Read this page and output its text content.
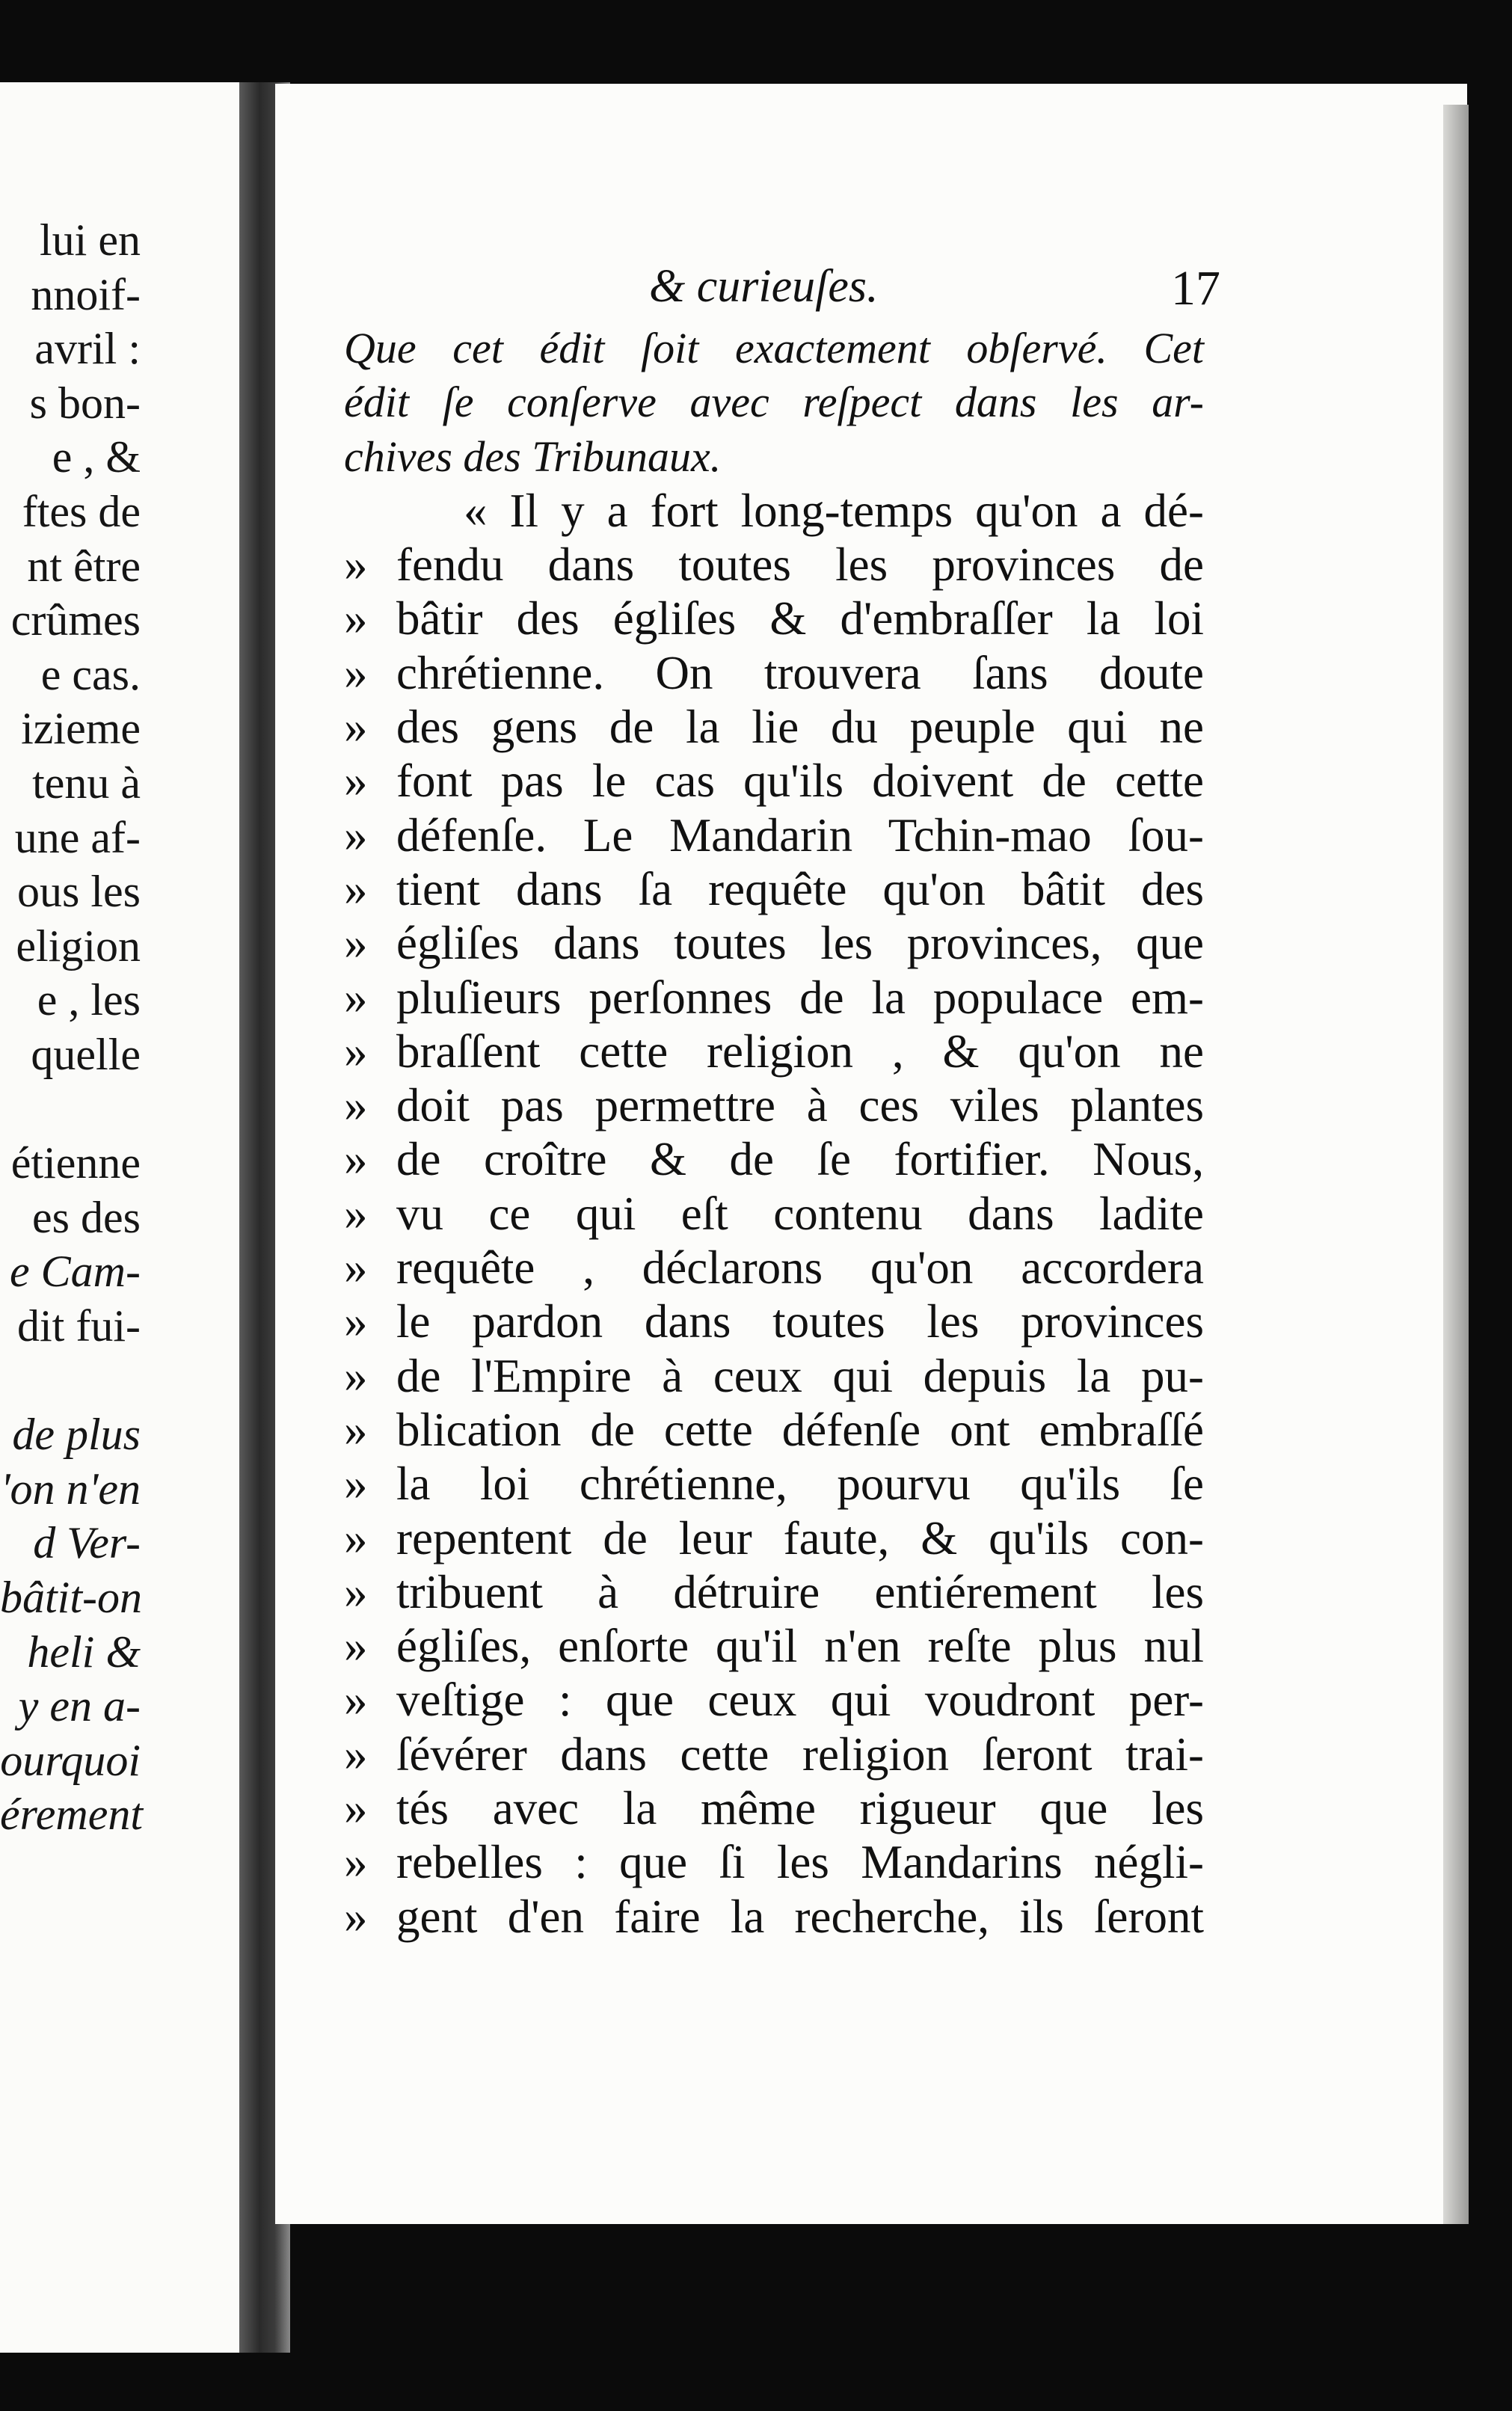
lui en
nnoif-
avril :
s bon-
e , &
ftes de
nt être
crûmes
e cas.
izieme
tenu à
une af-
ous les
eligion
e , les
quelle
étienne
es des
e Cam-
dit fui-
de plus
'on n'en
d Ver-
bâtit-on
heli &
y en a-
ourquoi
érement
& curieuſes.	17
Que cet édit ſoit exactement obſervé. Cet
édit ſe conſerve avec reſpect dans les ar-
chives des Tribunaux.
« Il y a fort long-temps qu'on a dé-
» fendu dans toutes les provinces de
» bâtir des égliſes & d'embraſſer la loi
» chrétienne. On trouvera ſans doute
» des gens de la lie du peuple qui ne
» font pas le cas qu'ils doivent de cette
» défenſe. Le Mandarin Tchin-mao ſou-
» tient dans ſa requête qu'on bâtit des
» égliſes dans toutes les provinces, que
» pluſieurs perſonnes de la populace em-
» braſſent cette religion , & qu'on ne
» doit pas permettre à ces viles plantes
» de croître & de ſe fortifier. Nous,
» vu ce qui eſt contenu dans ladite
» requête , déclarons qu'on accordera
» le pardon dans toutes les provinces
» de l'Empire à ceux qui depuis la pu-
» blication de cette défenſe ont embraſſé
» la loi chrétienne, pourvu qu'ils ſe
» repentent de leur faute, & qu'ils con-
» tribuent à détruire entiérement les
» égliſes, enſorte qu'il n'en reſte plus nul
» veſtige : que ceux qui voudront per-
» ſévérer dans cette religion ſeront trai-
» tés avec la même rigueur que les
» rebelles : que ſi les Mandarins négli-
» gent d'en faire la recherche, ils ſeront
